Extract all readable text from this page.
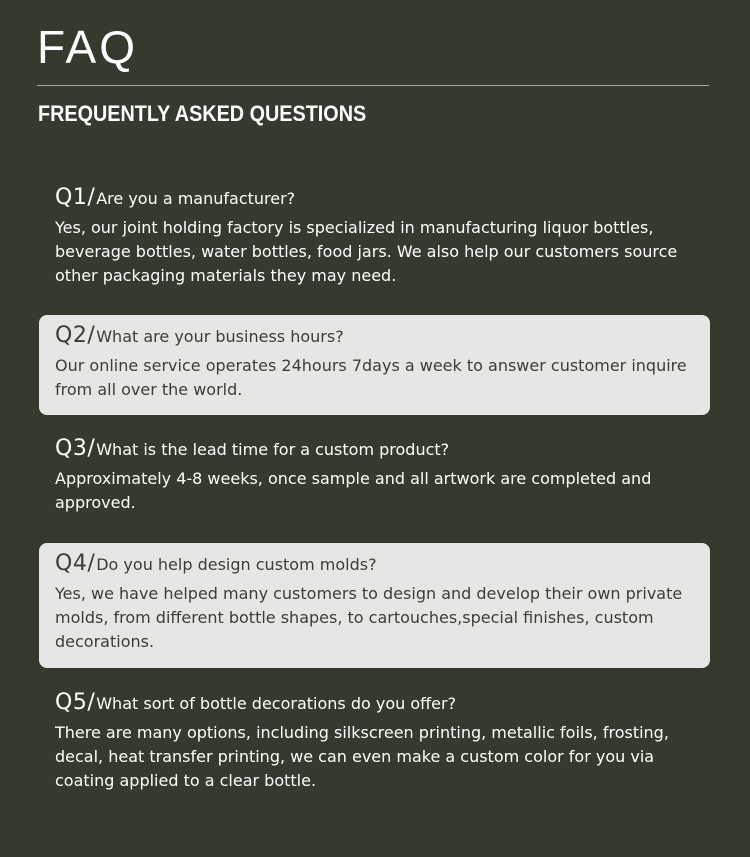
FAQ
FREQUENTLY ASKED QUESTIONS

Q1/ Are you a manufacturer?

Yes, our joint holding factory is specialized in manufacturing liquor bottles, beverage bottles, water bottles, food jars. We also help our customers source other packaging materials they may need.

Q2/ What are your business hours?

Our online service operates 24hours 7days a week to answer customer inquire from all over the world.

Q3/ What is the lead time for a custom product?

Approximately 4-8 weeks, once sample and all artwork are completed and approved.

Q4/ Do you help design custom molds?

Yes, we have helped many customers to design and develop their own private molds, from different bottle shapes, to cartouches,special finishes, custom decorations.

Q5/ What sort of bottle decorations do you offer?

There are many options, including silkscreen printing, metallic foils, frosting, decal, heat transfer printing, we can even make a custom color for you via coating applied to a clear bottle.
